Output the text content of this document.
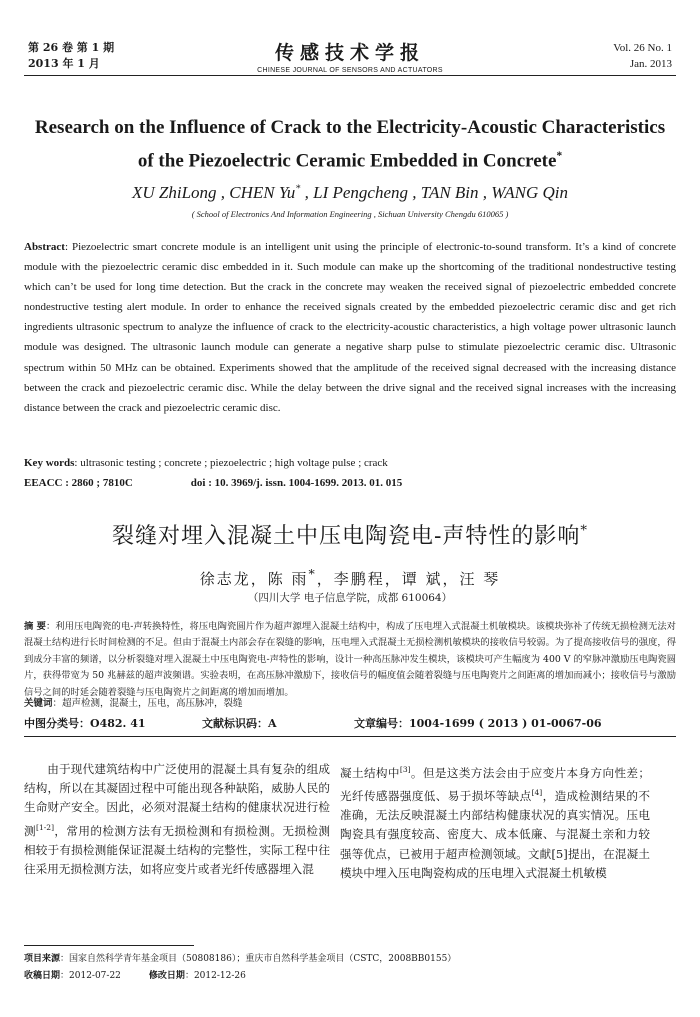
第 26 卷 第 1 期
2013 年 1 月	传感技术学报
CHINESE JOURNAL OF SENSORS AND ACTUATORS
Vol. 26 No. 1
Jan. 2013
Research on the Influence of Crack to the Electricity-Acoustic Characteristics of the Piezoelectric Ceramic Embedded in Concrete*
XU ZhiLong , CHEN Yu* , LI Pengcheng , TAN Bin , WANG Qin
( School of Electronics And Information Engineering , Sichuan University Chengdu 610065 )
Abstract: Piezoelectric smart concrete module is an intelligent unit using the principle of electronic-to-sound transform. It’s a kind of concrete module with the piezoelectric ceramic disc embedded in it. Such module can make up the shortcoming of the traditional nondestructive testing which can’t be used for long time detection. But the crack in the concrete may weaken the received signal of piezoelectric embedded concrete nondestructive testing alert module. In order to enhance the received signals created by the embedded piezoelectric ceramic disc and get rich ingredients ultrasonic spectrum to analyze the influence of crack to the electricity-acoustic characteristics, a high voltage power ultrasonic launch module was designed. The ultrasonic launch module can generate a negative sharp pulse to stimulate piezoelectric ceramic disc. Ultrasonic spectrum within 50 MHz can be obtained. Experiments showed that the amplitude of the received signal decreased with the increasing distance between the crack and piezoelectric ceramic disc. While the delay between the drive signal and the received signal increases with the increasing distance between the crack and piezoelectric ceramic disc.
Key words: ultrasonic testing ; concrete ; piezoelectric ; high voltage pulse ; crack
EEACC : 2860 ; 7810C	doi : 10. 3969/j. issn. 1004-1699. 2013. 01. 015
裂缝对埋入混凝土中压电陶瓷电-声特性的影响*
徐志龙，陈 雨*，李鹏程，谭 斌，汪 琴
（四川大学 电子信息学院，成都 610064）
摘 要：利用压电陶瓷的电-声转换特性，将压电陶瓷圆片作为超声源埋入混凝土结构中，构成了压电埋入式混凝土机敏模块。该模块弥补了传统无损检测无法对混凝土结构进行长时间检测的不足。但由于混凝土内部会存在裂缝的影响，压电埋入式混凝土无损检测机敏模块的接收信号较弱。为了提高接收信号的强度，得到成分丰富的频谱，以分析裂缝对埋入混凝土中压电陶瓷电-声特性的影响，设计一种高压脉冲发生模块，该模块可产生幅度为 400 V 的窄脉冲激励压电陶瓷圆片，获得带宽为 50 兆赫兹的超声波频谱。实验表明，在高压脉冲激励下，接收信号的幅度值会随着裂缝与压电陶瓷片之间距离的增加而减小；接收信号与激励信号之间的时延会随着裂缝与压电陶瓷片之间距离的增加而增加。
关键词：超声检测，混凝土，压电，高压脉冲，裂缝
中图分类号：O482. 41	文献标识码：A	文章编号：1004-1699 ( 2013 ) 01-0067-06
由于现代建筑结构中广泛使用的混凝土具有复杂的组成结构，所以在其凝固过程中可能出现各种缺陷，威胁人民的生命财产安全。因此，必须对混凝土结构的健康状况进行检测[1-2]，常用的检测方法有无损检测和有损检测。无损检测相较于有损检测能保证混凝土结构的完整性，实际工程中往往采用无损检测方法，如将应变片或者光纤传感器埋入混
凝土结构中[3]。但是这类方法会由于应变片本身方向性差；光纤传感器强度低、易于损坏等缺点[4]，造成检测结果的不准确，无法反映混凝土内部结构健康状况的真实情况。压电陶瓷具有强度较高、密度大、成本低廉、与混凝土亲和力较强等优点，已被用于超声检测领域。文献[5]提出，在混凝土模块中埋入压电陶瓷构成的压电埋入式混凝土机敏模
项目来源：国家自然科学青年基金项目（50808186）；重庆市自然科学基金项目（CSTC，2008BB0155）
收稿日期：2012-07-22	修改日期：2012-12-26
